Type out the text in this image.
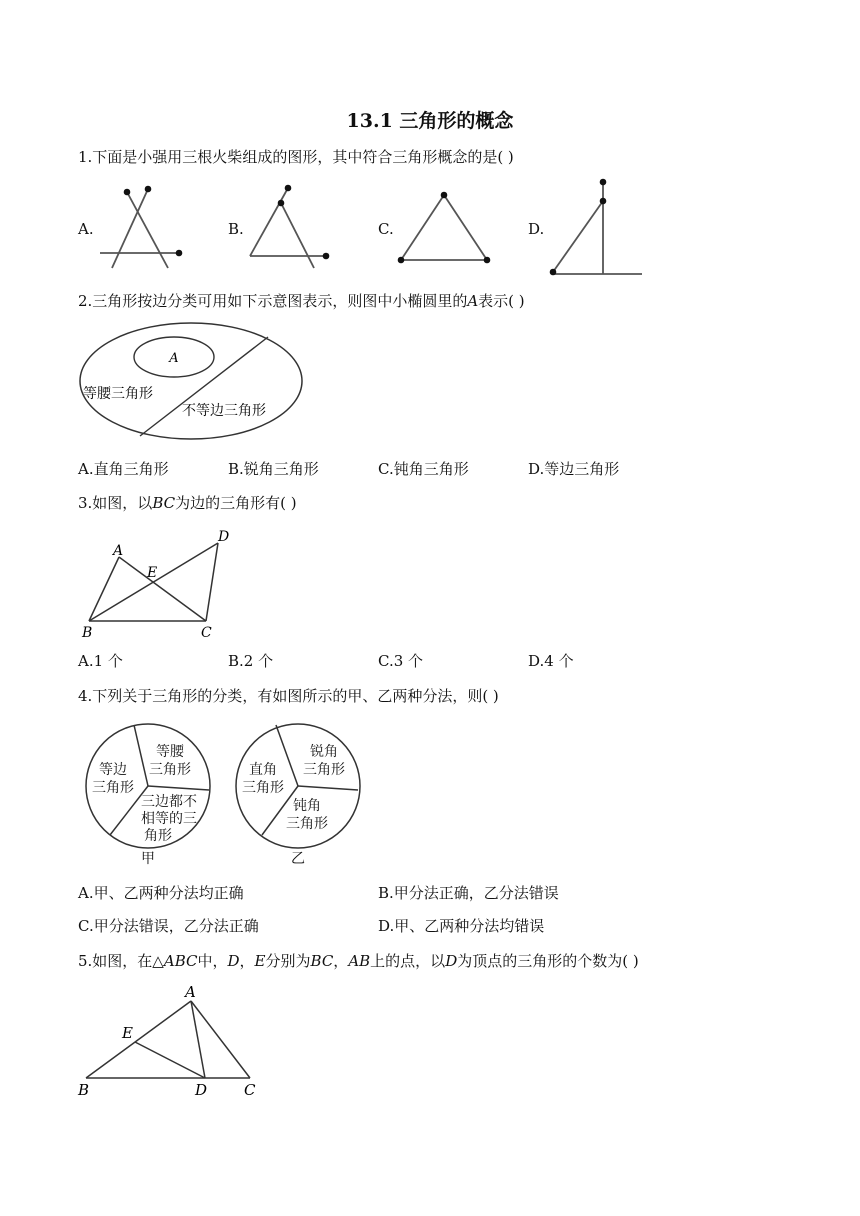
13.1 三角形的概念
1.下面是小强用三根火柴组成的图形，其中符合三角形概念的是( )
A.	B.	C.	D.
2.三角形按边分类可用如下示意图表示，则图中小椭圆里的A表示( )
A
等腰三角形
不等边三角形
A.直角三角形	B.锐角三角形	C.钝角三角形	D.等边三角形
3.如图，以BC为边的三角形有( )
A
B	C
D
E
A.1 个	B.2 个	C.3 个	D.4 个
4.下列关于三角形的分类，有如图所示的甲、乙两种分法，则( )
等边
三角形
等腰
三角形
三边都不
相等的三
角形
甲
直角
三角形
锐角
三角形
钝角
三角形
乙
A.甲、乙两种分法均正确	B.甲分法正确，乙分法错误
C.甲分法错误，乙分法正确	D.甲、乙两种分法均错误
5.如图，在△ABC中，D，E分别为BC，AB上的点，以D为顶点的三角形的个数为( )
A
B	C
D
E
